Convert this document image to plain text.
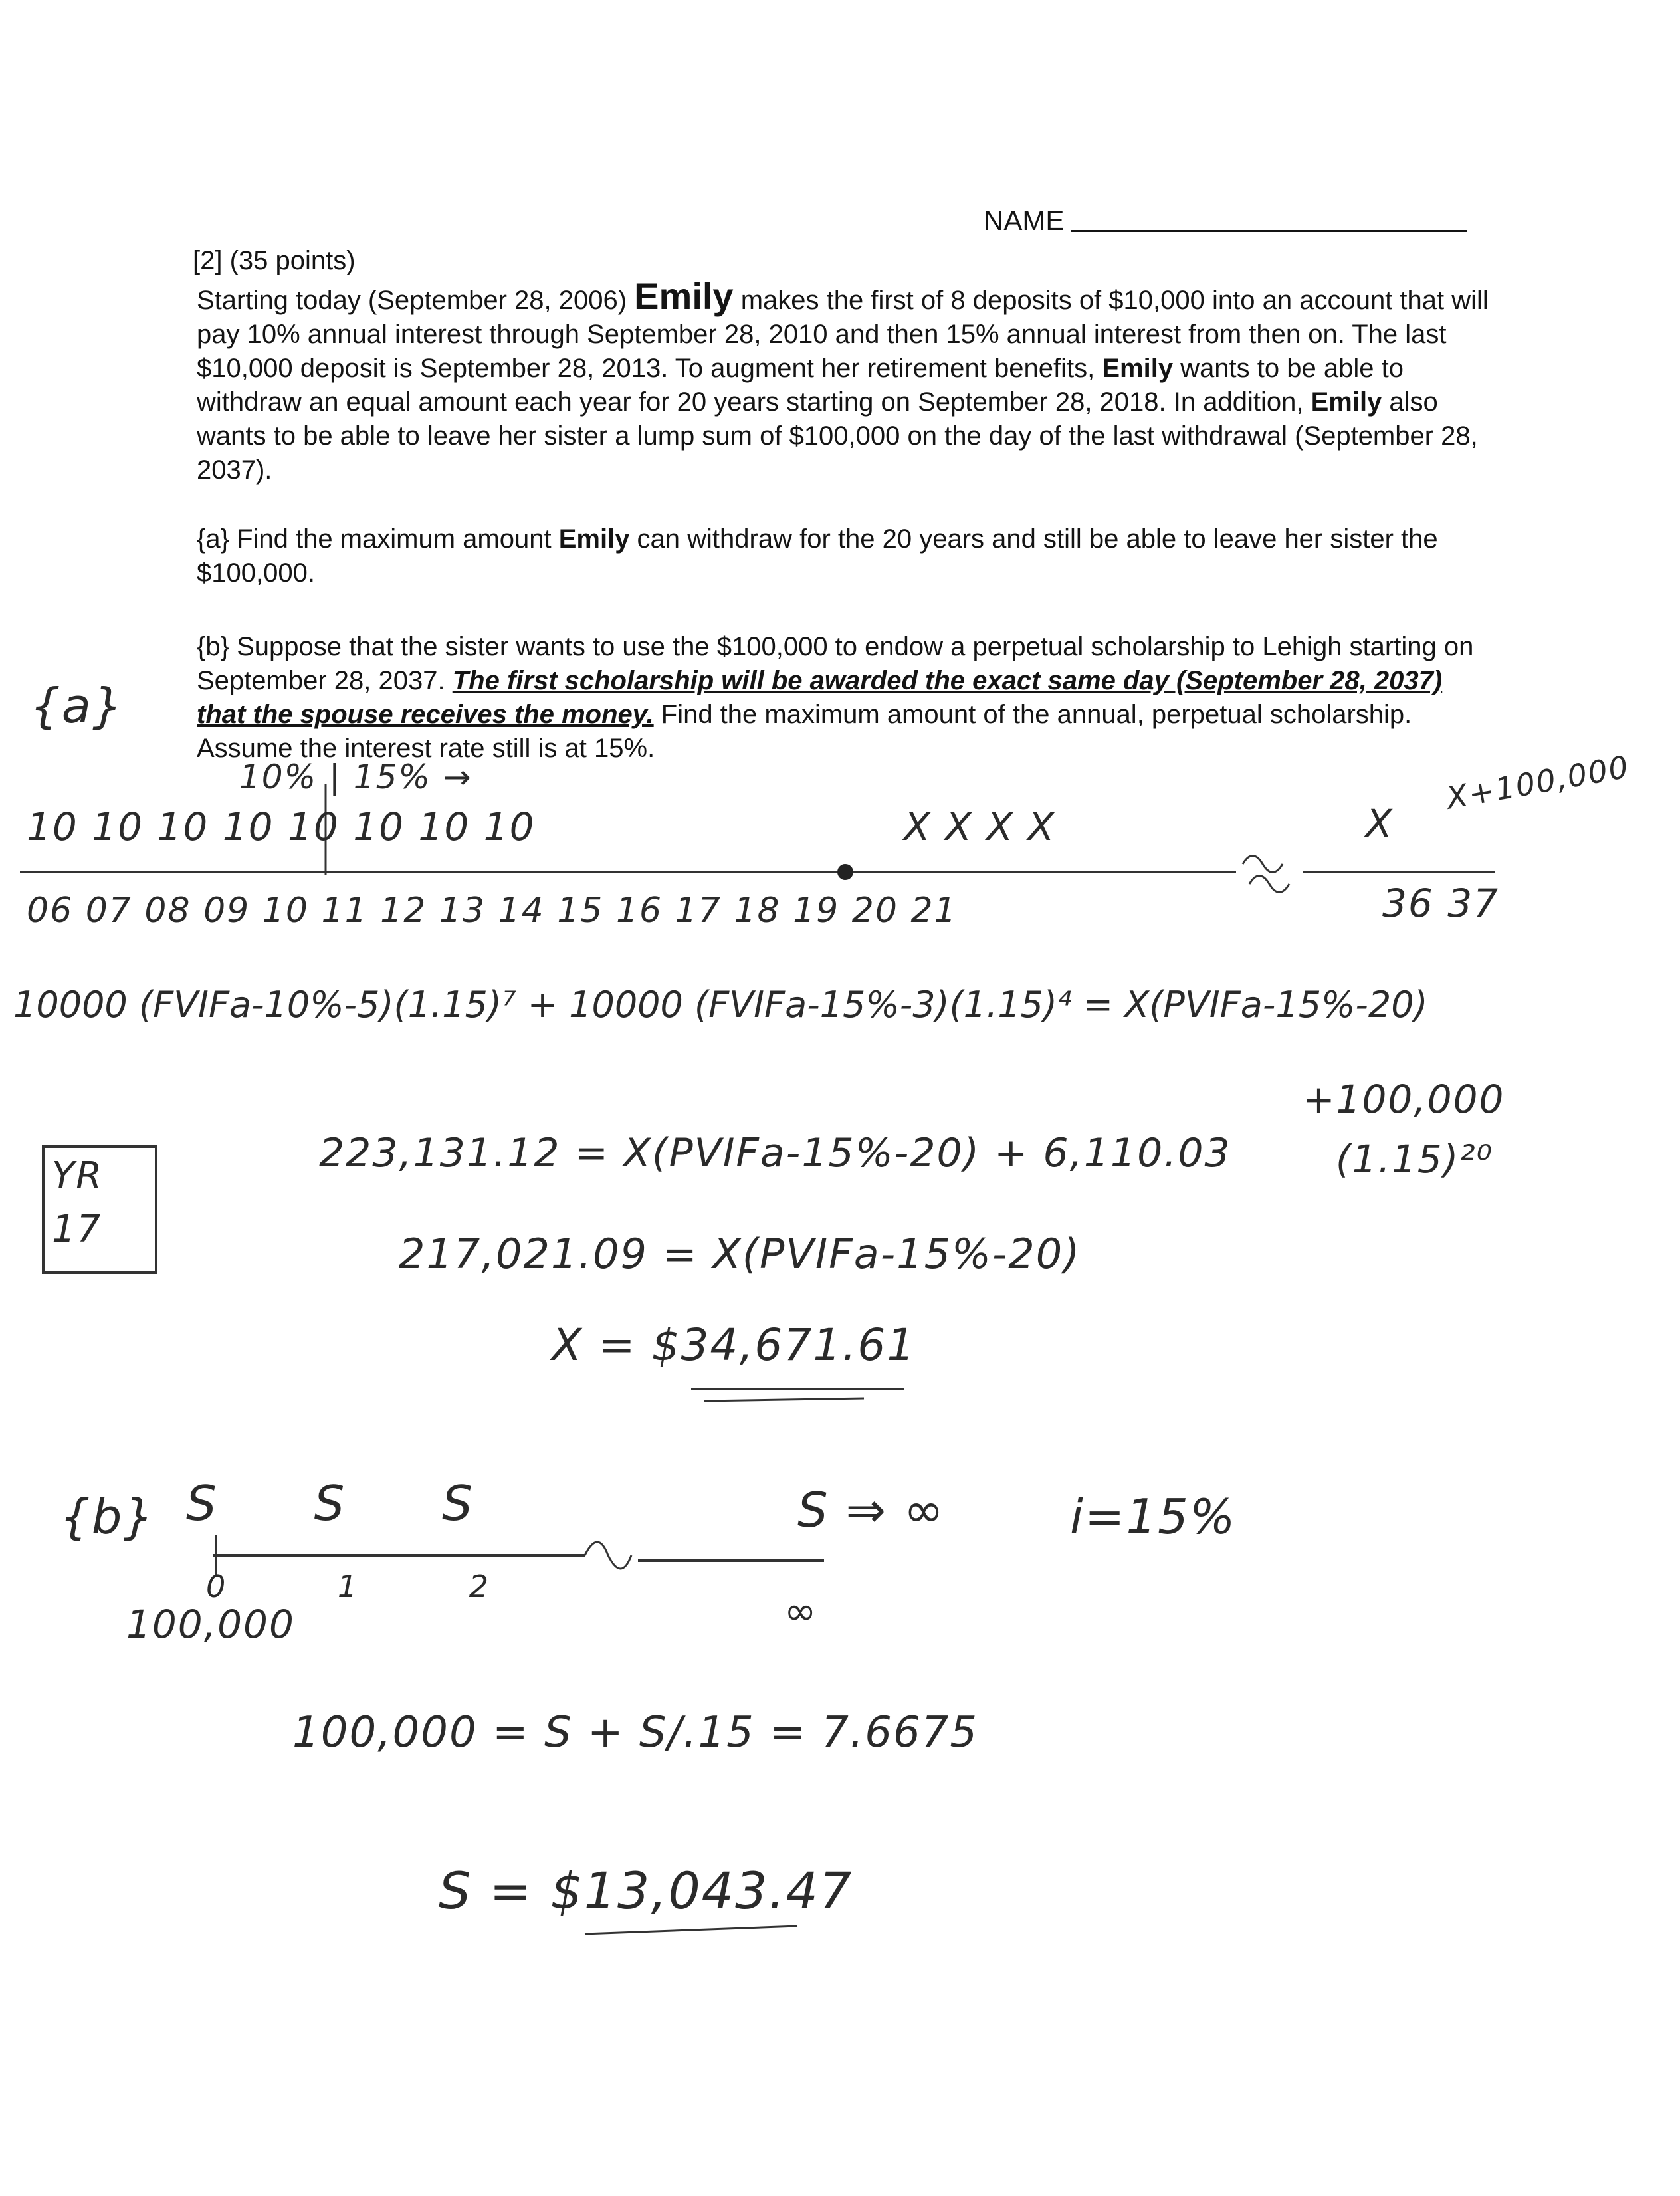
NAME
[2] (35 points)

Starting today (September 28, 2006) Emily makes the first of 8 deposits of $10,000 into an account that will pay 10% annual interest through September 28, 2010 and then 15% annual interest from then on. The last $10,000 deposit is September 28, 2013. To augment her retirement benefits, Emily wants to be able to withdraw an equal amount each year for 20 years starting on September 28, 2018. In addition, Emily also wants to be able to leave her sister a lump sum of $100,000 on the day of the last withdrawal (September 28, 2037).

{a} Find the maximum amount Emily can withdraw for the 20 years and still be able to leave her sister the $100,000.

{b} Suppose that the sister wants to use the $100,000 to endow a perpetual scholarship to Lehigh starting on September 28, 2037. The first scholarship will be awarded the exact same day (September 28, 2037) that the spouse receives the money. Find the maximum amount of the annual, perpetual scholarship. Assume the interest rate still is at 15%.

{a}
10% | 15% →
10 10 10 10 10 10 10 10	X X X X	X
X+100,000
06 07 08 09 10 11 12 13 14 15 16 17 18 19 20 21	36 37
10000 (FVIFa-10%-5)(1.15)⁷ + 10000 (FVIFa-15%-3)(1.15)⁴ = X(PVIFa-15%-20)
+100,000
(1.15)²⁰
YR 17
223,131.12 = X(PVIFa-15%-20) + 6,110.03
217,021.09 = X(PVIFa-15%-20)
X = $34,671.61
{b} S S S	S ⇒ ∞	i=15%
0 1 2
∞
100,000
100,000 = S + S/.15 = 7.6675
S = $13,043.47
